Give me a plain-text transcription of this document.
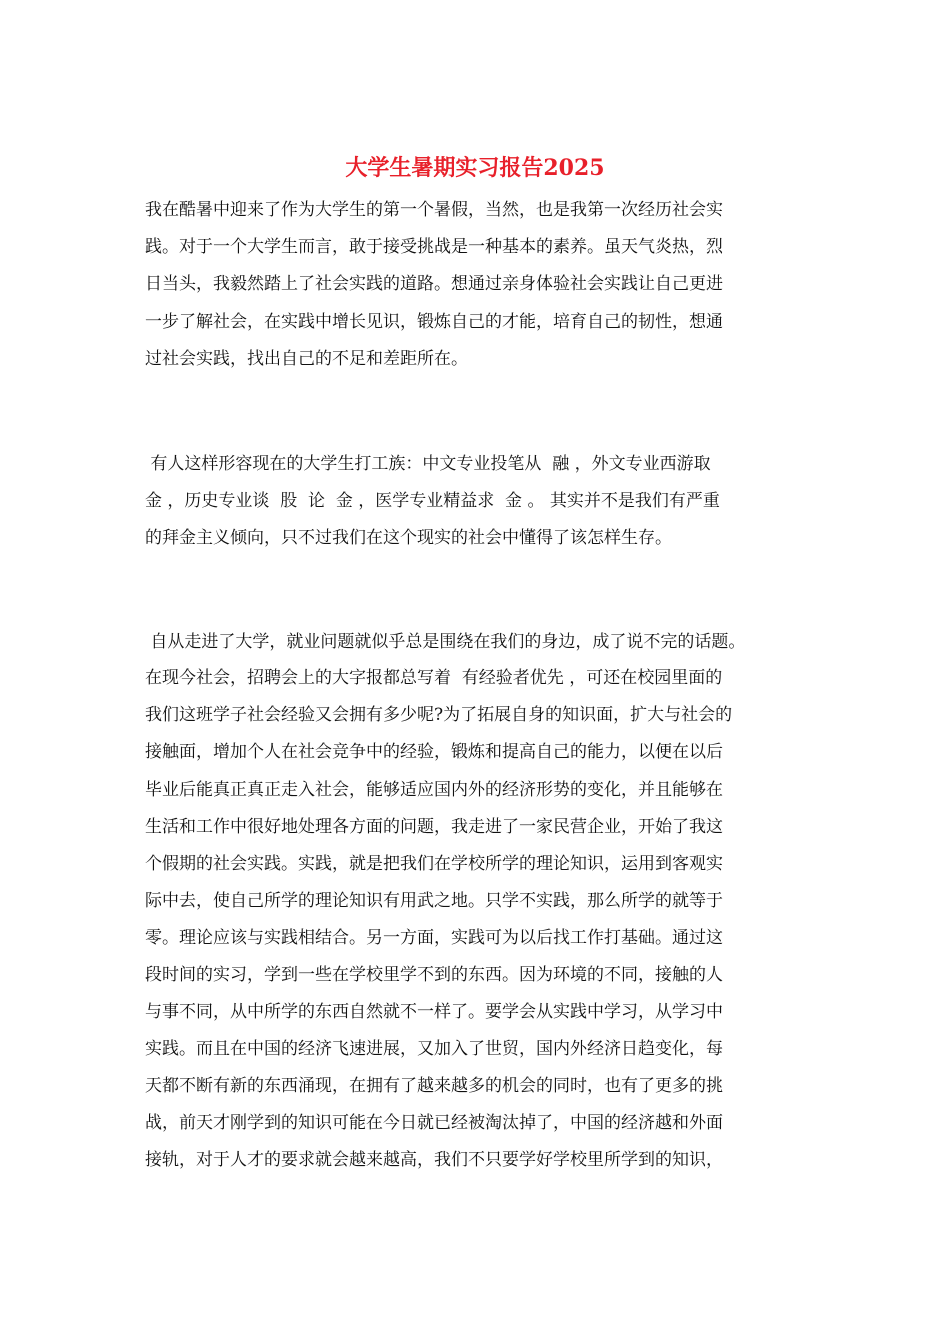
大学生暑期实习报告2025

我在酷暑中迎来了作为大学生的第一个暑假，当然，也是我第一次经历社会实

践。对于一个大学生而言，敢于接受挑战是一种基本的素养。虽天气炎热，烈

日当头，我毅然踏上了社会实践的道路。想通过亲身体验社会实践让自己更进

一步了解社会，在实践中增长见识，锻炼自己的才能，培育自己的韧性，想通

过社会实践，找出自己的不足和差距所在。

有人这样形容现在的大学生打工族：中文专业投笔从  融 ，外文专业西游取

金 ，历史专业谈  股  论  金 ，医学专业精益求  金 。 其实并不是我们有严重

的拜金主义倾向，只不过我们在这个现实的社会中懂得了该怎样生存。

自从走进了大学，就业问题就似乎总是围绕在我们的身边，成了说不完的话题。

在现今社会，招聘会上的大字报都总写着  有经验者优先 ，可还在校园里面的

我们这班学子社会经验又会拥有多少呢?为了拓展自身的知识面，扩大与社会的

接触面，增加个人在社会竞争中的经验，锻炼和提高自己的能力，以便在以后

毕业后能真正真正走入社会，能够适应国内外的经济形势的变化，并且能够在

生活和工作中很好地处理各方面的问题，我走进了一家民营企业，开始了我这

个假期的社会实践。实践，就是把我们在学校所学的理论知识，运用到客观实

际中去，使自己所学的理论知识有用武之地。只学不实践，那么所学的就等于

零。理论应该与实践相结合。另一方面，实践可为以后找工作打基础。通过这

段时间的实习，学到一些在学校里学不到的东西。因为环境的不同，接触的人

与事不同，从中所学的东西自然就不一样了。要学会从实践中学习，从学习中

实践。而且在中国的经济飞速进展，又加入了世贸，国内外经济日趋变化，每

天都不断有新的东西涌现，在拥有了越来越多的机会的同时，也有了更多的挑

战，前天才刚学到的知识可能在今日就已经被淘汰掉了，中国的经济越和外面

接轨，对于人才的要求就会越来越高，我们不只要学好学校里所学到的知识，
